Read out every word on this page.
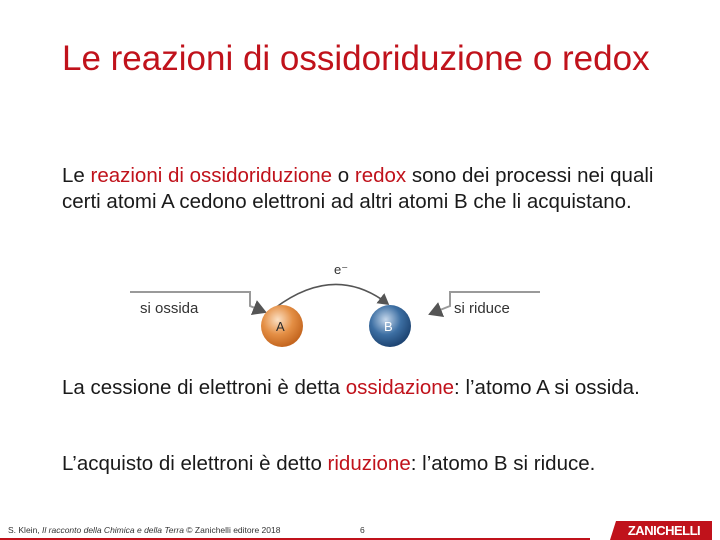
Le reazioni di ossidoriduzione o redox
Le reazioni di ossidoriduzione o redox sono dei processi nei quali certi atomi A cedono elettroni ad altri atomi B che li acquistano.
si ossida	si riduce
e⁻
A	B
La cessione di elettroni è detta ossidazione: l’atomo A si ossida.
L’acquisto di elettroni è detto riduzione: l’atomo B si riduce.
S. Klein, Il racconto della Chimica e della Terra © Zanichelli editore 2018	6	ZANICHELLI
